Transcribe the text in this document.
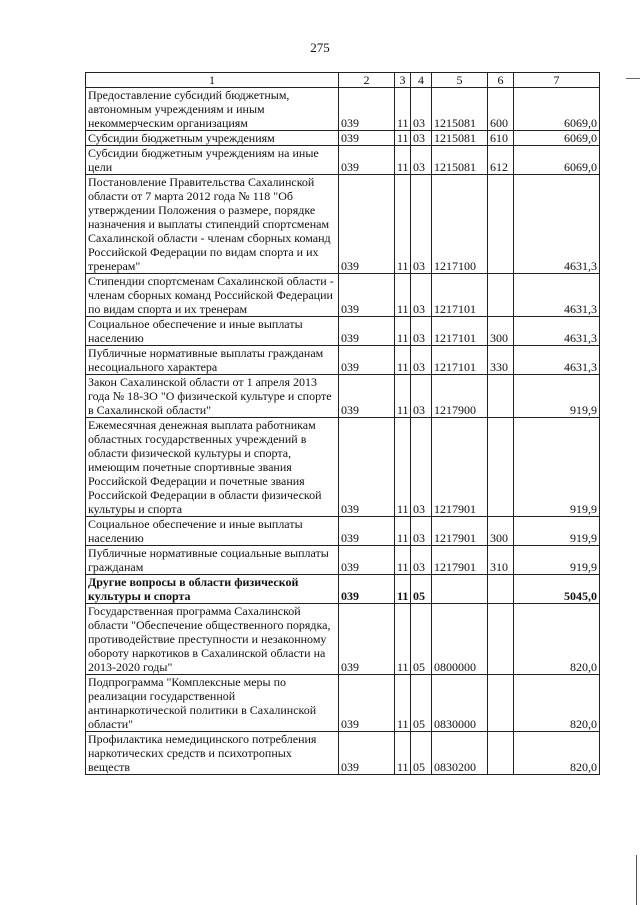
275
1	2	3	4	5	6	7
Предоставление субсидий бюджетным, автономным учреждениям и иным некоммерческим организациям	039	11	03	1215081	600	6069,0
Субсидии бюджетным учреждениям	039	11	03	1215081	610	6069,0
Субсидии бюджетным учреждениям на иные цели	039	11	03	1215081	612	6069,0
Постановление Правительства Сахалинской области от 7 марта 2012 года № 118 "Об утверждении Положения о размере, порядке назначения и выплаты стипендий спортсменам Сахалинской области - членам сборных команд Российской Федерации по видам спорта и их тренерам"	039	11	03	1217100		4631,3
Стипендии спортсменам Сахалинской области - членам сборных команд Российской Федерации по видам спорта и их тренерам	039	11	03	1217101		4631,3
Социальное обеспечение и иные выплаты населению	039	11	03	1217101	300	4631,3
Публичные нормативные выплаты гражданам несоциального характера	039	11	03	1217101	330	4631,3
Закон Сахалинской области от 1 апреля 2013 года № 18-ЗО "О физической культуре и спорте в Сахалинской области"	039	11	03	1217900		919,9
Ежемесячная денежная выплата работникам областных государственных учреждений в области физической культуры и спорта, имеющим почетные спортивные звания Российской Федерации и почетные звания Российской Федерации в области физической культуры и спорта	039	11	03	1217901		919,9
Социальное обеспечение и иные выплаты населению	039	11	03	1217901	300	919,9
Публичные нормативные социальные выплаты гражданам	039	11	03	1217901	310	919,9
Другие вопросы в области физической культуры и спорта	039	11	05			5045,0
Государственная программа Сахалинской области "Обеспечение общественного порядка, противодействие преступности и незаконному обороту наркотиков в Сахалинской области на 2013-2020 годы"	039	11	05	0800000		820,0
Подпрограмма "Комплексные меры по реализации государственной антинаркотической политики в Сахалинской области"	039	11	05	0830000		820,0
Профилактика немедицинского потребления наркотических средств и психотропных веществ	039	11	05	0830200		820,0
